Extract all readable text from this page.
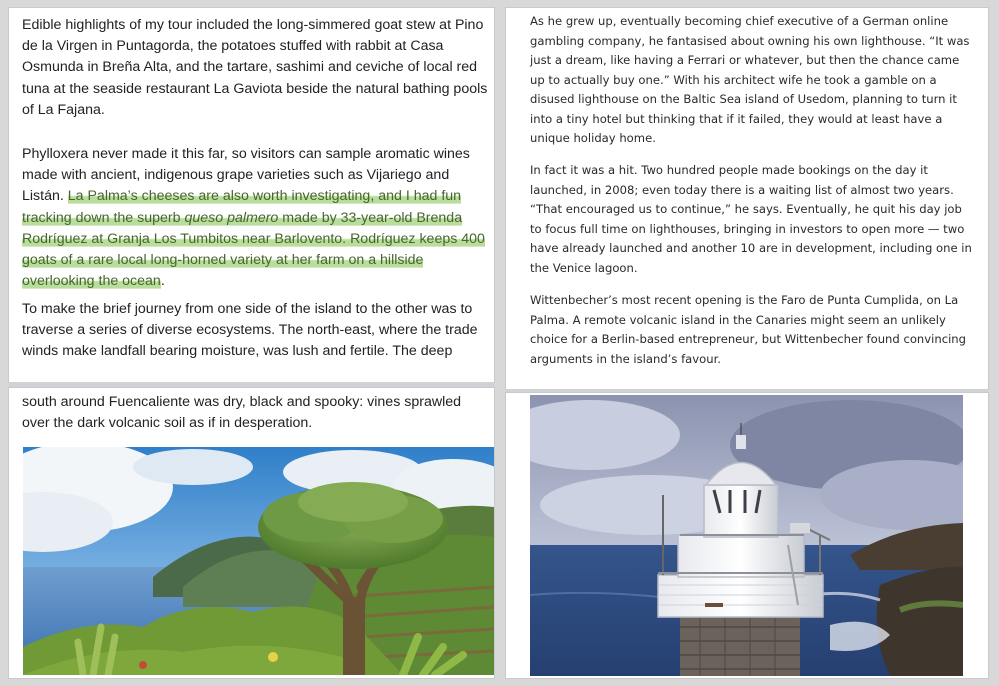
Edible highlights of my tour included the long-simmered goat stew at Pino de la Virgen in Puntagorda, the potatoes stuffed with rabbit at Casa Osmunda in Breña Alta, and the tartare, sashimi and ceviche of local red tuna at the seaside restaurant La Gaviota beside the natural bathing pools of La Fajana.

Phylloxera never made it this far, so visitors can sample aromatic wines made with ancient, indigenous grape varieties such as Vijariego and Listán. La Palma’s cheeses are also worth investigating, and I had fun tracking down the superb queso palmero made by 33-year-old Brenda Rodríguez at Granja Los Tumbitos near Barlovento. Rodríguez keeps 400 goats of a rare local long-horned variety at her farm on a hillside overlooking the ocean.

To make the brief journey from one side of the island to the other was to traverse a series of diverse ecosystems. The north-east, where the trade winds make landfall bearing moisture, was lush and fertile. The deep

south around Fuencaliente was dry, black and spooky: vines sprawled over the dark volcanic soil as if in desperation.

As he grew up, eventually becoming chief executive of a German online gambling company, he fantasised about owning his own lighthouse. “It was just a dream, like having a Ferrari or whatever, but then the chance came up to actually buy one.” With his architect wife he took a gamble on a disused lighthouse on the Baltic Sea island of Usedom, planning to turn it into a tiny hotel but thinking that if it failed, they would at least have a unique holiday home.

In fact it was a hit. Two hundred people made bookings on the day it launched, in 2008; even today there is a waiting list of almost two years. “That encouraged us to continue,” he says. Eventually, he quit his day job to focus full time on lighthouses, bringing in investors to open more — two have already launched and another 10 are in development, including one in the Venice lagoon.

Wittenbecher’s most recent opening is the Faro de Punta Cumplida, on La Palma. A remote volcanic island in the Canaries might seem an unlikely choice for a Berlin-based entrepreneur, but Wittenbecher found convincing arguments in the island’s favour.
